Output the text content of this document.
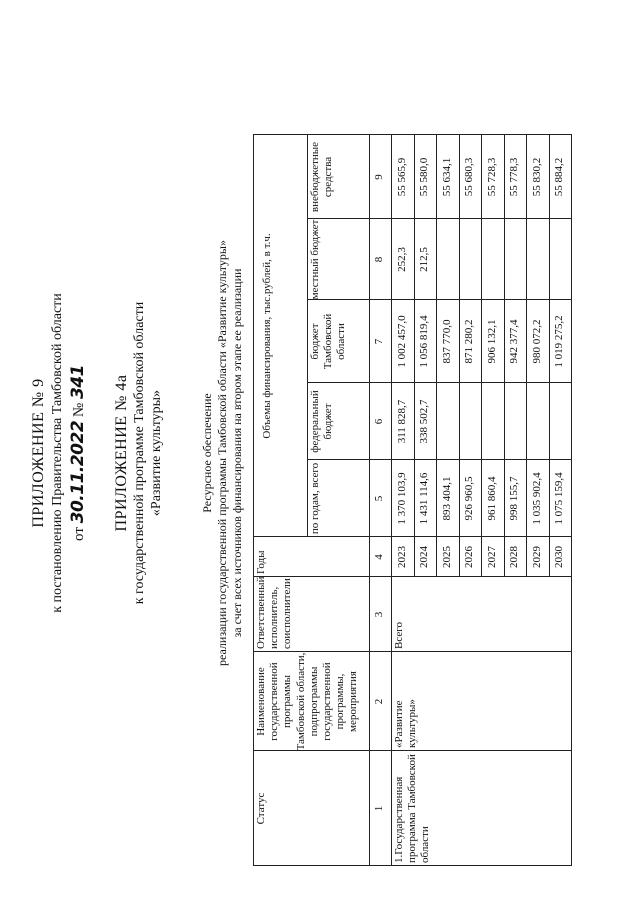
ПРИЛОЖЕНИЕ № 9 к постановлению Правительства Тамбовской области от 30.11.2022 № 341 ПРИЛОЖЕНИЕ № 4а к государственной программе Тамбовской области «Развитие культуры»	Ресурсное обеспечение реализации государственной программы Тамбовской области «Развитие культуры» за счет всех источников финансирования на втором этапе ее реализации
Статус
Наименование государственной программы Тамбовской области, подпрограммы государственной программы, мероприятия
Ответственный исполнитель, соисполнители
Годы
Объемы финансирования, тыс.рублей, в т.ч.
по годам, всего
федеральный бюджет
бюджет Тамбовской области
местный бюджет
внебюджетные средства
1
2
3
4
5
6
7
8
9
1.Государственная программа Тамбовской области
«Развитие культуры»
Всего
2023
1 370 103,9
311 828,7
1 002 457,0
252,3
55 565,9
2024
1 431 114,6
338 502,7
1 056 819,4
212,5
55 580,0
2025
893 404,1
837 770,0
55 634,1
2026
926 960,5
871 280,2
55 680,3
2027
961 860,4
906 132,1
55 728,3
2028
998 155,7
942 377,4
55 778,3
2029
1 035 902,4
980 072,2
55 830,2
2030
1 075 159,4
1 019 275,2
55 884,2
